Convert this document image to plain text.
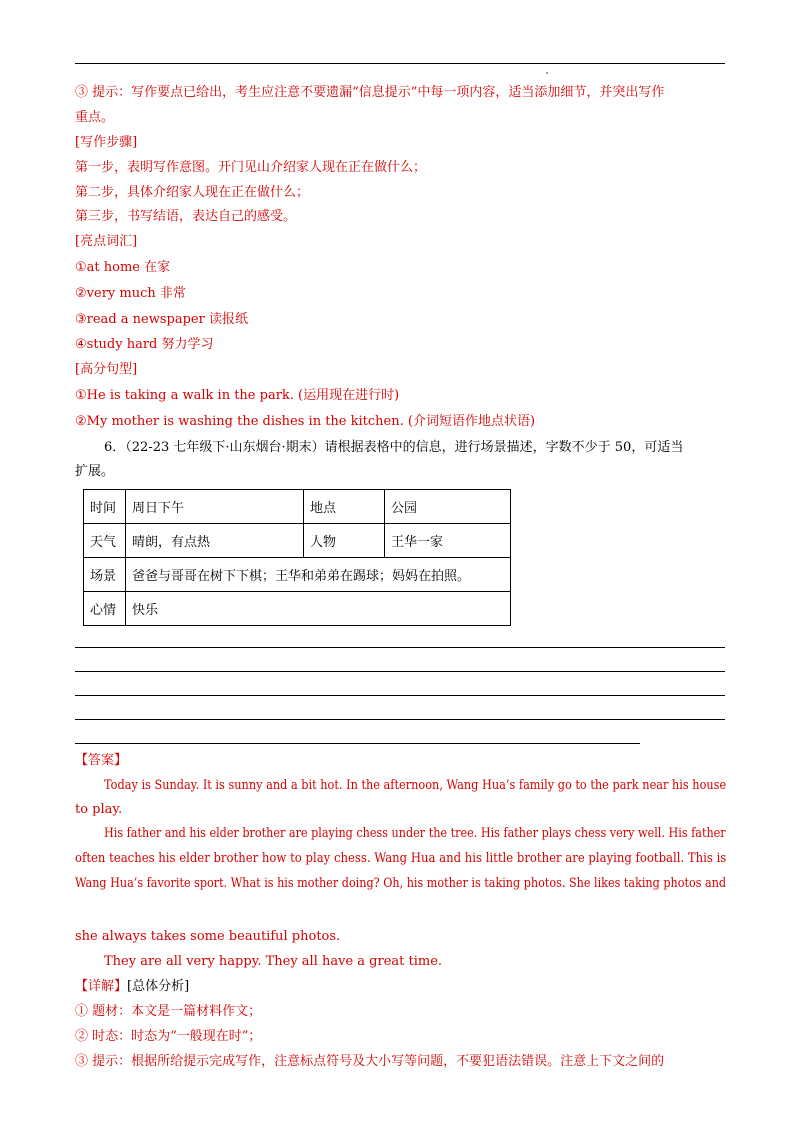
③ 提示：写作要点已给出，考生应注意不要遗漏“信息提示”中每一项内容，适当添加细节，并突出写作
重点。
[写作步骤]
第一步，表明写作意图。开门见山介绍家人现在正在做什么；
第二步，具体介绍家人现在正在做什么；
第三步，书写结语，表达自己的感受。
[亮点词汇]
①at home 在家
②very much 非常
③read a newspaper 读报纸
④study hard 努力学习
[高分句型]
①He is taking a walk in the park. (运用现在进行时)
②My mother is washing the dishes in the kitchen. (介词短语作地点状语)
6．（22-23 七年级下·山东烟台·期末）请根据表格中的信息，进行场景描述，字数不少于 50，可适当
扩展。
时间	周日下午	地点	公园
天气	晴朗，有点热	人物	王华一家
场景	爸爸与哥哥在树下下棋；王华和弟弟在踢球；妈妈在拍照。		
心情	快乐		
【答案】
Today is Sunday. It is sunny and a bit hot. In the afternoon, Wang Hua’s family go to the park near his house
to play.
His father and his elder brother are playing chess under the tree. His father plays chess very well. His father
often teaches his elder brother how to play chess. Wang Hua and his little brother are playing football. This is
Wang Hua’s favorite sport. What is his mother doing? Oh, his mother is taking photos. She likes taking photos and
she always takes some beautiful photos.
They are all very happy. They all have a great time.
【详解】[总体分析]
① 题材：本文是一篇材料作文；
② 时态：时态为“一般现在时”；
③ 提示：根据所给提示完成写作，注意标点符号及大小写等问题，不要犯语法错误。注意上下文之间的
